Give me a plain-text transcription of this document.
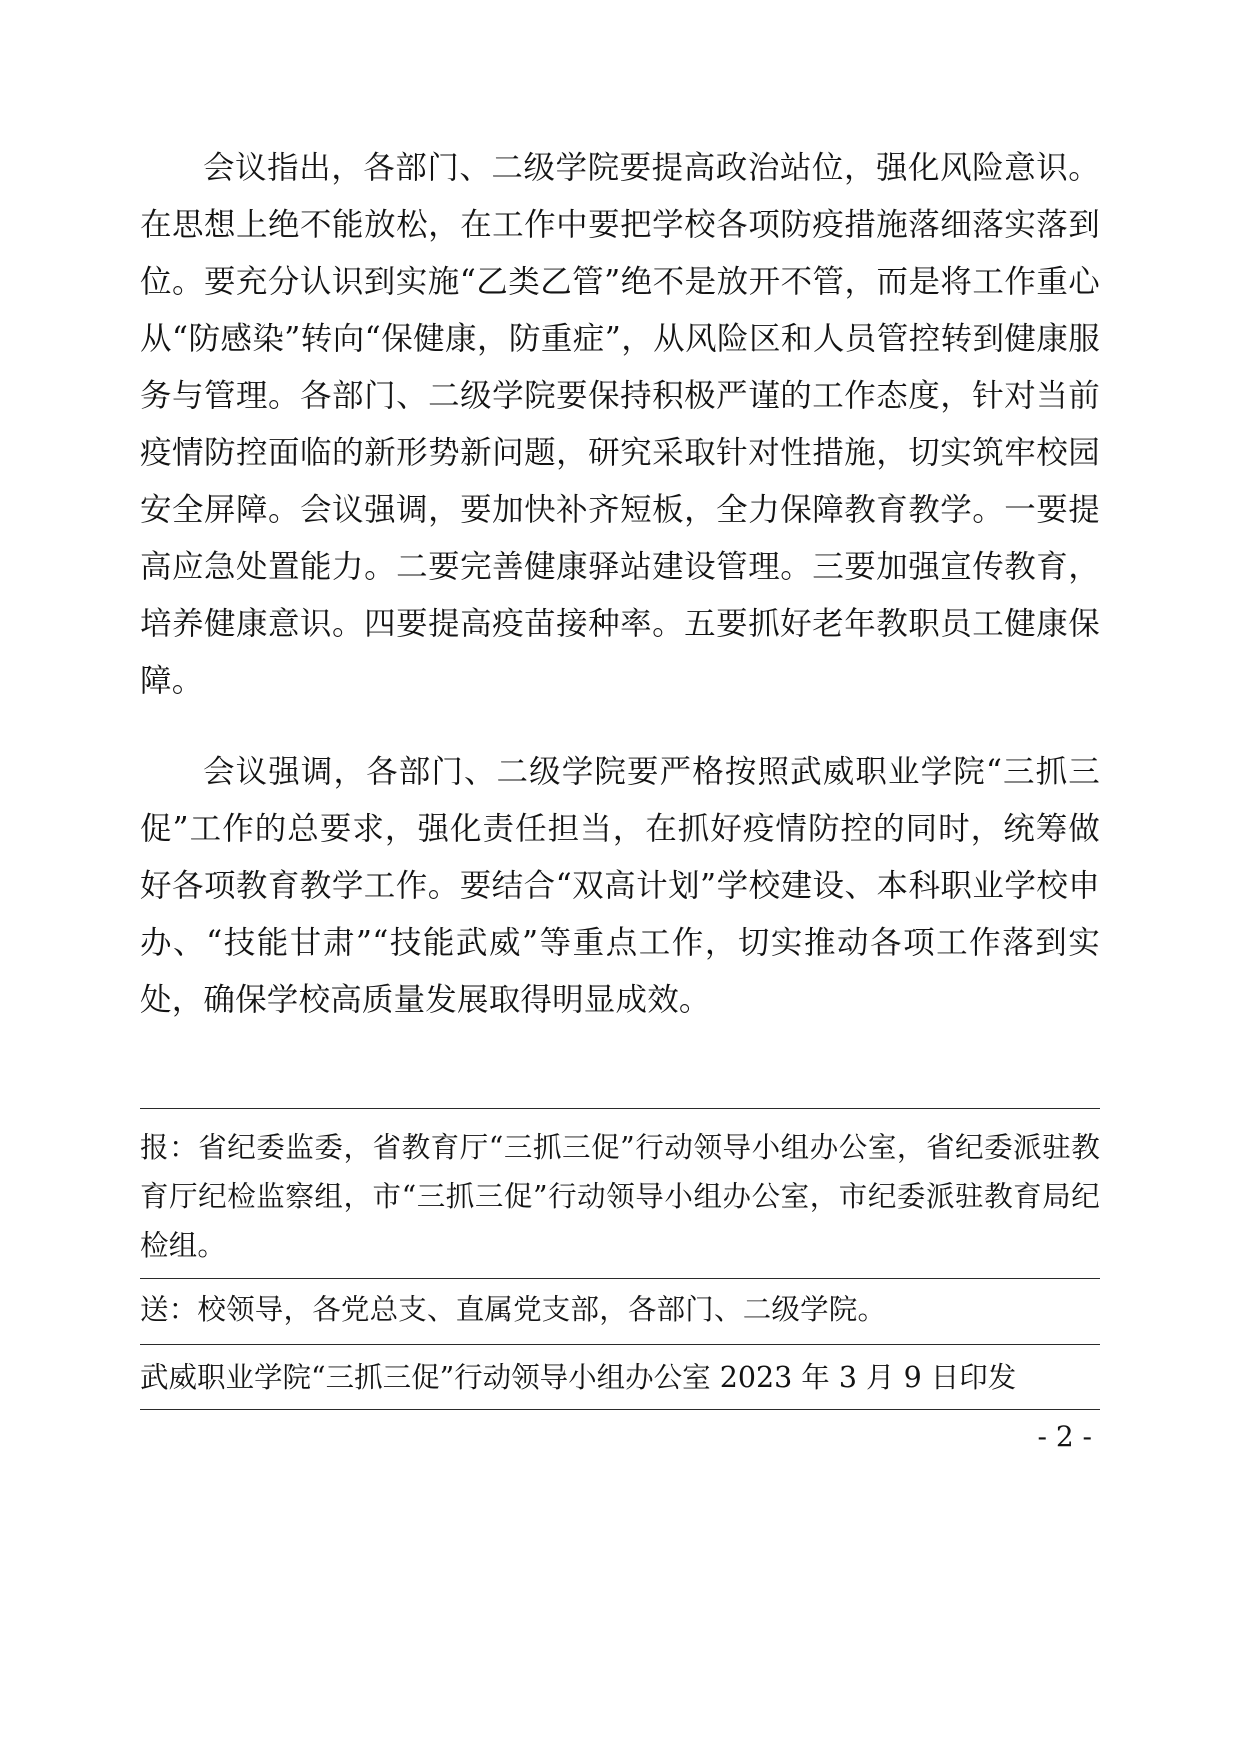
会议指出，各部门、二级学院要提高政治站位，强化风险意识。在思想上绝不能放松，在工作中要把学校各项防疫措施落细落实落到位。要充分认识到实施“乙类乙管”绝不是放开不管，而是将工作重心从“防感染”转向“保健康，防重症”，从风险区和人员管控转到健康服务与管理。各部门、二级学院要保持积极严谨的工作态度，针对当前疫情防控面临的新形势新问题，研究采取针对性措施，切实筑牢校园安全屏障。会议强调，要加快补齐短板，全力保障教育教学。一要提高应急处置能力。二要完善健康驿站建设管理。三要加强宣传教育，培养健康意识。四要提高疫苗接种率。五要抓好老年教职员工健康保障。

会议强调，各部门、二级学院要严格按照武威职业学院“三抓三促”工作的总要求，强化责任担当，在抓好疫情防控的同时，统筹做好各项教育教学工作。要结合“双高计划”学校建设、本科职业学校申办、“技能甘肃”“技能武威”等重点工作，切实推动各项工作落到实处，确保学校高质量发展取得明显成效。

报：省纪委监委，省教育厅“三抓三促”行动领导小组办公室，省纪委派驻教育厅纪检监察组，市“三抓三促”行动领导小组办公室，市纪委派驻教育局纪检组。
送：校领导，各党总支、直属党支部，各部门、二级学院。
武威职业学院“三抓三促”行动领导小组办公室 2023 年 3 月 9 日印发
- 2 -
